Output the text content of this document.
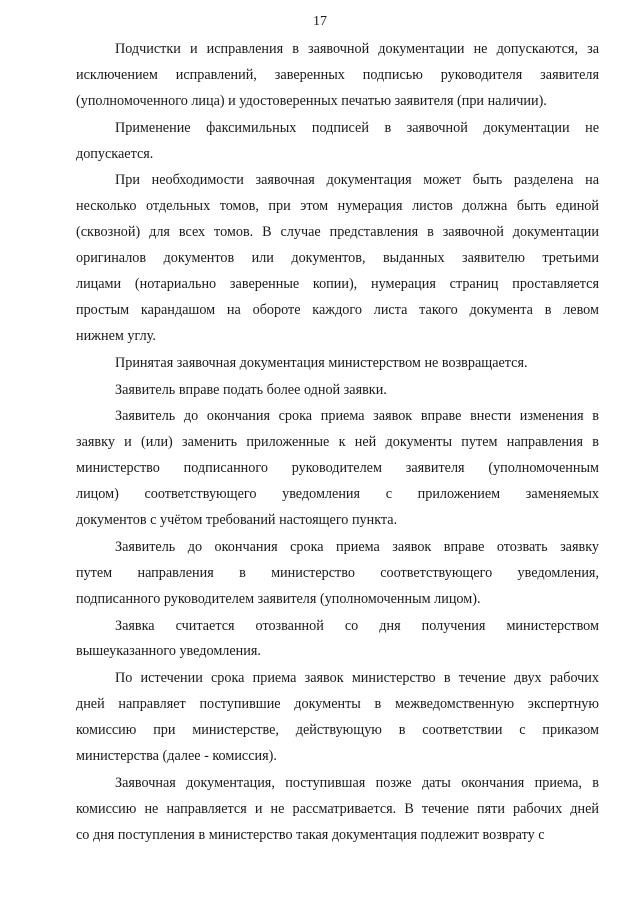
17
Подчистки и исправления в заявочной документации не допускаются, за
исключением исправлений, заверенных подписью руководителя заявителя
(уполномоченного лица) и удостоверенных печатью заявителя (при наличии).
Применение факсимильных подписей в заявочной документации не
допускается.
При необходимости заявочная документация может быть разделена на
несколько отдельных томов, при этом нумерация листов должна быть единой
(сквозной) для всех томов. В случае представления в заявочной документации
оригиналов документов или документов, выданных заявителю третьими
лицами (нотариально заверенные копии), нумерация страниц проставляется
простым карандашом на обороте каждого листа такого документа в левом
нижнем углу.
Принятая заявочная документация министерством не возвращается.
Заявитель вправе подать более одной заявки.
Заявитель до окончания срока приема заявок вправе внести изменения в
заявку и (или) заменить приложенные к ней документы путем направления в
министерство подписанного руководителем заявителя (уполномоченным
лицом) соответствующего уведомления с приложением заменяемых
документов с учётом требований настоящего пункта.
Заявитель до окончания срока приема заявок вправе отозвать заявку
путем направления в министерство соответствующего уведомления,
подписанного руководителем заявителя (уполномоченным лицом).
Заявка считается отозванной со дня получения министерством
вышеуказанного уведомления.
По истечении срока приема заявок министерство в течение двух рабочих
дней направляет поступившие документы в межведомственную экспертную
комиссию при министерстве, действующую в соответствии с приказом
министерства (далее - комиссия).
Заявочная документация, поступившая позже даты окончания приема, в
комиссию не направляется и не рассматривается. В течение пяти рабочих дней
со дня поступления в министерство такая документация подлежит возврату с
